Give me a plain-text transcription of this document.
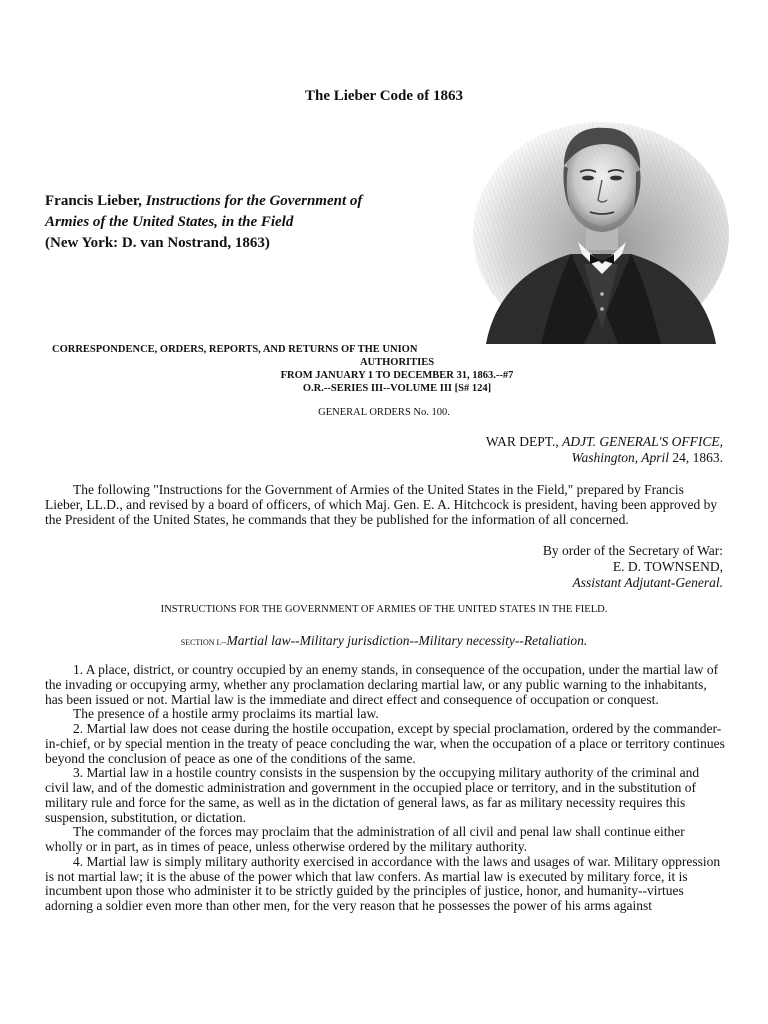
The Lieber Code of 1863
Francis Lieber, Instructions for the Government of
Armies of the United States, in the Field
(New York: D. van Nostrand, 1863)
CORRESPONDENCE, ORDERS, REPORTS, AND RETURNS OF THE UNION
AUTHORITIES
FROM JANUARY 1 TO DECEMBER 31, 1863.--#7
O.R.--SERIES III--VOLUME III [S# 124]
GENERAL ORDERS No. 100.
WAR DEPT., ADJT. GENERAL'S OFFICE,
Washington, April 24, 1863.
The following "Instructions for the Government of Armies of the United States in the Field," prepared by Francis Lieber, LL.D., and revised by a board of officers, of which Maj. Gen. E. A. Hitchcock is president, having been approved by the President of the United States, he commands that they be published for the information of all concerned.
By order of the Secretary of War:
E. D. TOWNSEND,
Assistant Adjutant-General.
INSTRUCTIONS FOR THE GOVERNMENT OF ARMIES OF THE UNITED STATES IN THE FIELD.
SECTION I.--Martial law--Military jurisdiction--Military necessity--Retaliation.

1. A place, district, or country occupied by an enemy stands, in consequence of the occupation, under the martial law of the invading or occupying army, whether any proclamation declaring martial law, or any public warning to the inhabitants, has been issued or not. Martial law is the immediate and direct effect and consequence of occupation or conquest.

The presence of a hostile army proclaims its martial law.

2. Martial law does not cease during the hostile occupation, except by special proclamation, ordered by the commander-in-chief, or by special mention in the treaty of peace concluding the war, when the occupation of a place or territory continues beyond the conclusion of peace as one of the conditions of the same.

3. Martial law in a hostile country consists in the suspension by the occupying military authority of the criminal and civil law, and of the domestic administration and government in the occupied place or territory, and in the substitution of military rule and force for the same, as well as in the dictation of general laws, as far as military necessity requires this suspension, substitution, or dictation.

The commander of the forces may proclaim that the administration of all civil and penal law shall continue either wholly or in part, as in times of peace, unless otherwise ordered by the military authority.

4. Martial law is simply military authority exercised in accordance with the laws and usages of war. Military oppression is not martial law; it is the abuse of the power which that law confers. As martial law is executed by military force, it is incumbent upon those who administer it to be strictly guided by the principles of justice, honor, and humanity--virtues adorning a soldier even more than other men, for the very reason that he possesses the power of his arms against
